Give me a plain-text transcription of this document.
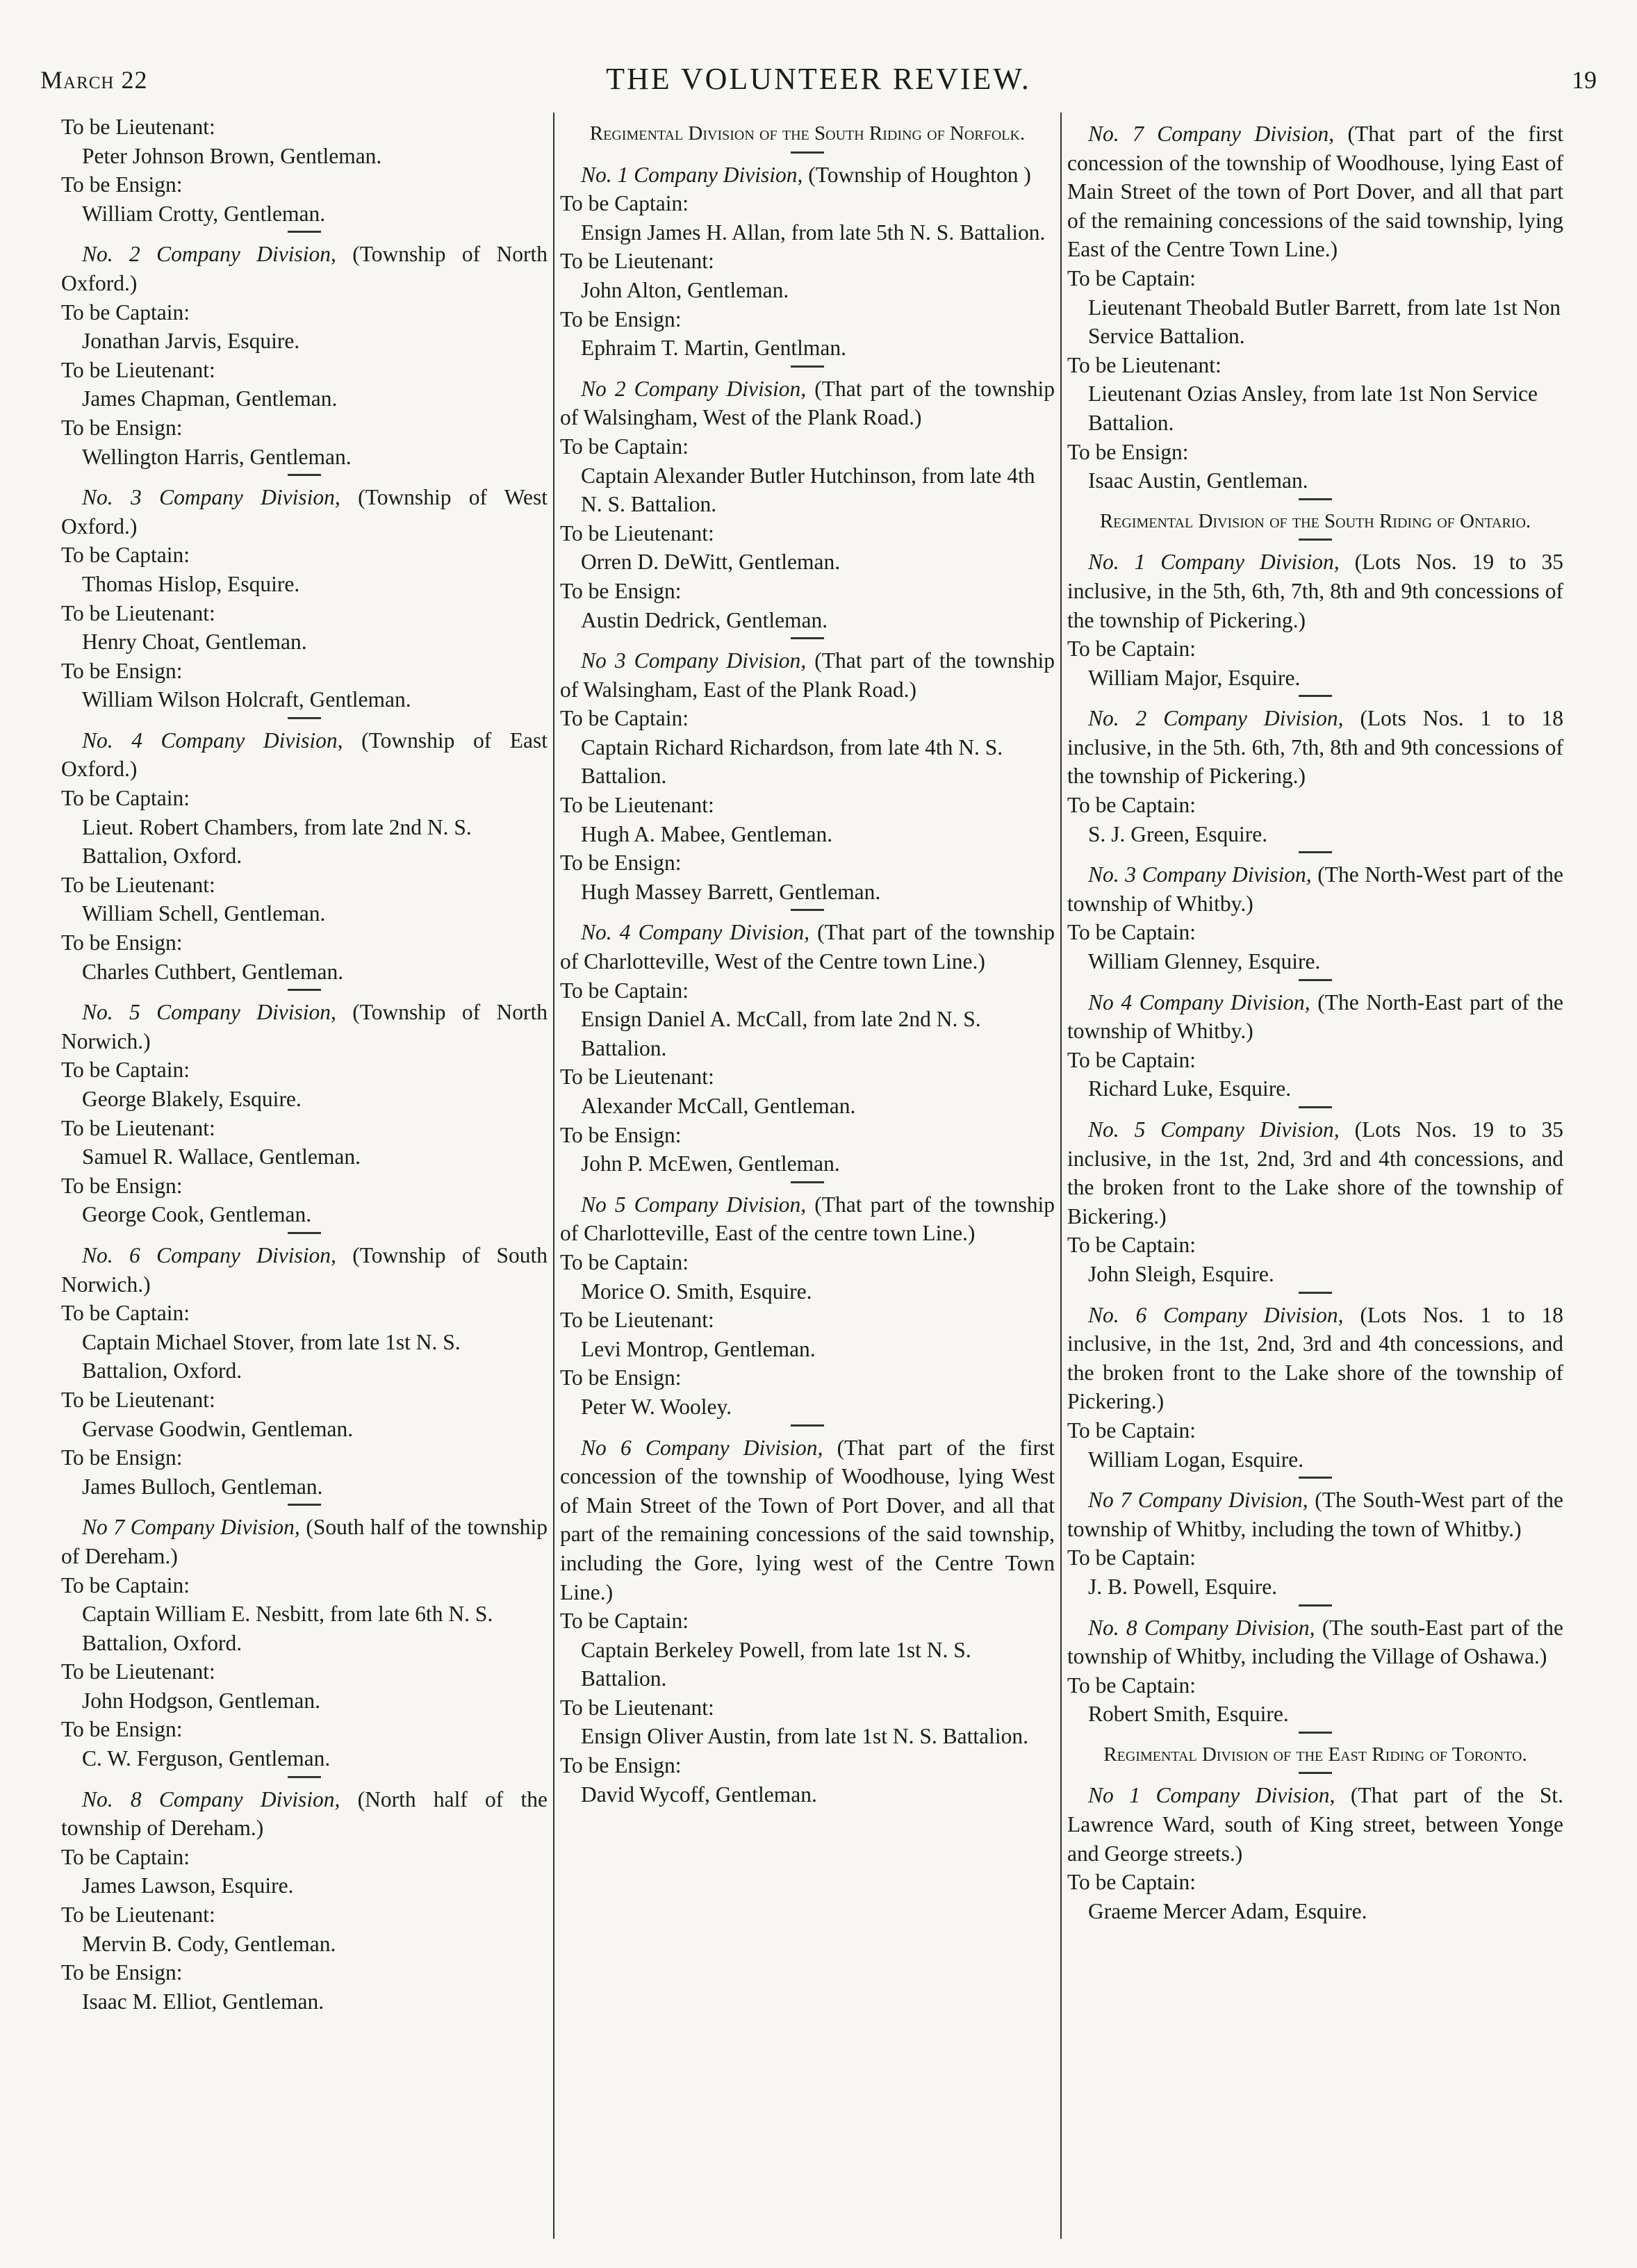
March 22	THE VOLUNTEER REVIEW.	19
To be Lieutenant:
Peter Johnson Brown, Gentleman.
To be Ensign:
William Crotty, Gentleman.
No. 2 Company Division, (Township of North Oxford.)
To be Captain:
Jonathan Jarvis, Esquire.
To be Lieutenant:
James Chapman, Gentleman.
To be Ensign:
Wellington Harris, Gentleman.
No. 3 Company Division, (Township of West Oxford.)
To be Captain:
Thomas Hislop, Esquire.
To be Lieutenant:
Henry Choat, Gentleman.
To be Ensign:
William Wilson Holcraft, Gentleman.
No. 4 Company Division, (Township of East Oxford.)
To be Captain:
Lieut. Robert Chambers, from late 2nd N. S. Battalion, Oxford.
To be Lieutenant:
William Schell, Gentleman.
To be Ensign:
Charles Cuthbert, Gentleman.
No. 5 Company Division, (Township of North Norwich.)
To be Captain:
George Blakely, Esquire.
To be Lieutenant:
Samuel R. Wallace, Gentleman.
To be Ensign:
George Cook, Gentleman.
No. 6 Company Division, (Township of South Norwich.)
To be Captain:
Captain Michael Stover, from late 1st N. S. Battalion, Oxford.
To be Lieutenant:
Gervase Goodwin, Gentleman.
To be Ensign:
James Bulloch, Gentleman.
No 7 Company Division, (South half of the township of Dereham.)
To be Captain:
Captain William E. Nesbitt, from late 6th N. S. Battalion, Oxford.
To be Lieutenant:
John Hodgson, Gentleman.
To be Ensign:
C. W. Ferguson, Gentleman.
No. 8 Company Division, (North half of the township of Dereham.)
To be Captain:
James Lawson, Esquire.
To be Lieutenant:
Mervin B. Cody, Gentleman.
To be Ensign:
Isaac M. Elliot, Gentleman.
Regimental Division of the South Riding of Norfolk.
No. 1 Company Division, (Township of Houghton )
To be Captain:
Ensign James H. Allan, from late 5th N. S. Battalion.
To be Lieutenant:
John Alton, Gentleman.
To be Ensign:
Ephraim T. Martin, Gentlman.
No 2 Company Division, (That part of the township of Walsingham, West of the Plank Road.)
To be Captain:
Captain Alexander Butler Hutchinson, from late 4th N. S. Battalion.
To be Lieutenant:
Orren D. DeWitt, Gentleman.
To be Ensign:
Austin Dedrick, Gentleman.
No 3 Company Division, (That part of the township of Walsingham, East of the Plank Road.)
To be Captain:
Captain Richard Richardson, from late 4th N. S. Battalion.
To be Lieutenant:
Hugh A. Mabee, Gentleman.
To be Ensign:
Hugh Massey Barrett, Gentleman.
No. 4 Company Division, (That part of the township of Charlotteville, West of the Centre town Line.)
To be Captain:
Ensign Daniel A. McCall, from late 2nd N. S. Battalion.
To be Lieutenant:
Alexander McCall, Gentleman.
To be Ensign:
John P. McEwen, Gentleman.
No 5 Company Division, (That part of the township of Charlotteville, East of the centre town Line.)
To be Captain:
Morice O. Smith, Esquire.
To be Lieutenant:
Levi Montrop, Gentleman.
To be Ensign:
Peter W. Wooley.
No 6 Company Division, (That part of the first concession of the township of Woodhouse, lying West of Main Street of the Town of Port Dover, and all that part of the remaining concessions of the said township, including the Gore, lying west of the Centre Town Line.)
To be Captain:
Captain Berkeley Powell, from late 1st N. S. Battalion.
To be Lieutenant:
Ensign Oliver Austin, from late 1st N. S. Battalion.
To be Ensign:
David Wycoff, Gentleman.
No. 7 Company Division, (That part of the first concession of the township of Woodhouse, lying East of Main Street of the town of Port Dover, and all that part of the remaining concessions of the said township, lying East of the Centre Town Line.)
To be Captain:
Lieutenant Theobald Butler Barrett, from late 1st Non Service Battalion.
To be Lieutenant:
Lieutenant Ozias Ansley, from late 1st Non Service Battalion.
To be Ensign:
Isaac Austin, Gentleman.
Regimental Division of the South Riding of Ontario.
No. 1 Company Division, (Lots Nos. 19 to 35 inclusive, in the 5th, 6th, 7th, 8th and 9th concessions of the township of Pickering.)
To be Captain:
William Major, Esquire.
No. 2 Company Division, (Lots Nos. 1 to 18 inclusive, in the 5th. 6th, 7th, 8th and 9th concessions of the township of Pickering.)
To be Captain:
S. J. Green, Esquire.
No. 3 Company Division, (The North-West part of the township of Whitby.)
To be Captain:
William Glenney, Esquire.
No 4 Company Division, (The North-East part of the township of Whitby.)
To be Captain:
Richard Luke, Esquire.
No. 5 Company Division, (Lots Nos. 19 to 35 inclusive, in the 1st, 2nd, 3rd and 4th concessions, and the broken front to the Lake shore of the township of Bickering.)
To be Captain:
John Sleigh, Esquire.
No. 6 Company Division, (Lots Nos. 1 to 18 inclusive, in the 1st, 2nd, 3rd and 4th concessions, and the broken front to the Lake shore of the township of Pickering.)
To be Captain:
William Logan, Esquire.
No 7 Company Division, (The South-West part of the township of Whitby, including the town of Whitby.)
To be Captain:
J. B. Powell, Esquire.
No. 8 Company Division, (The south-East part of the township of Whitby, including the Village of Oshawa.)
To be Captain:
Robert Smith, Esquire.
Regimental Division of the East Riding of Toronto.
No 1 Company Division, (That part of the St. Lawrence Ward, south of King street, between Yonge and George streets.)
To be Captain:
Graeme Mercer Adam, Esquire.
